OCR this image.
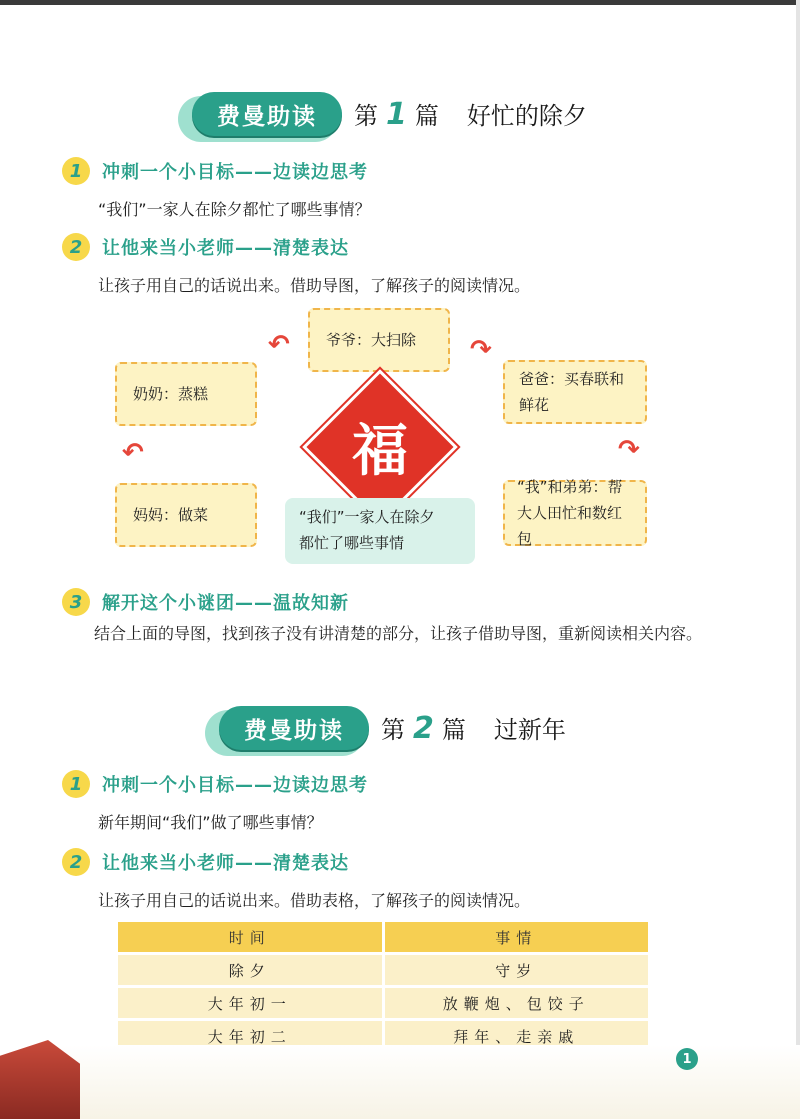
费曼助读	第 1 篇 好忙的除夕
1	冲刺一个小目标——边读边思考
“我们”一家人在除夕都忙了哪些事情？
2	让他来当小老师——清楚表达
让孩子用自己的话说出来。借助导图，了解孩子的阅读情况。
爷爷：大扫除
爸爸：买春联和
鲜花
奶奶：蒸糕
妈妈：做菜
“我”和弟弟：帮
大人田忙和数红包
福
“我们”一家人在除夕
都忙了哪些事情
↶	↷
↷
↶
3	解开这个小谜团——温故知新
结合上面的导图，找到孩子没有讲清楚的部分，让孩子借助导图，重新阅读相关内容。
费曼助读	第 2 篇 过新年
1	冲刺一个小目标——边读边思考
新年期间“我们”做了哪些事情？
2	让他来当小老师——清楚表达
让孩子用自己的话说出来。借助表格，了解孩子的阅读情况。
时间	事情
除夕	守岁
大年初一	放鞭炮、包饺子
大年初二	拜年、走亲戚
1
